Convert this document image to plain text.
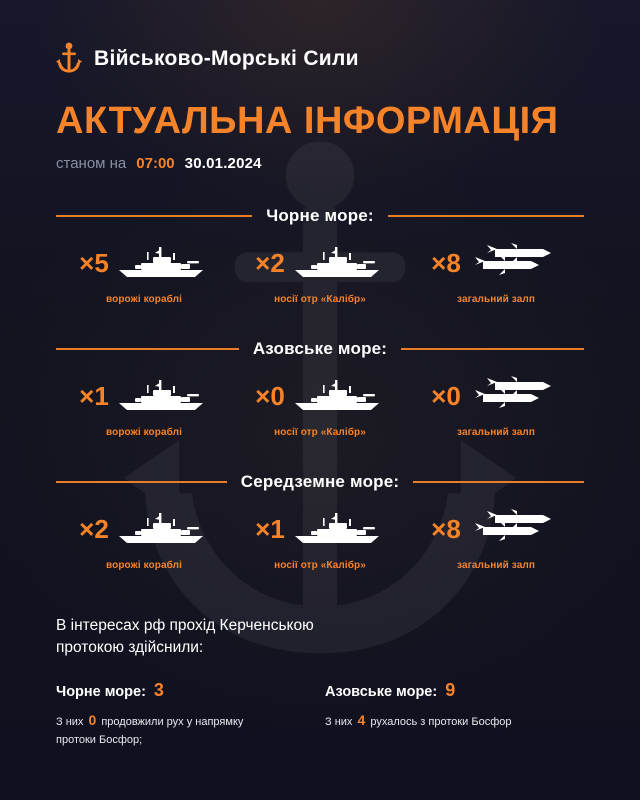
Військово-Морські Сили
АКТУАЛЬНА ІНФОРМАЦІЯ
станом на 07:00 30.01.2024
Чорне море:
×5
ворожі кораблі
×2
носії отр «Калібр»
×8
загальний залп
Азовське море:
×1
ворожі кораблі
×0
носії отр «Калібр»
×0
загальний залп
Середземне море:
×2
ворожі кораблі
×1
носії отр «Калібр»
×8
загальний залп
В інтересах рф прохід Керченською протокою здійснили:
Чорне море: 3
З них 0 продовжили рух у напрямку протоки Босфор;
Азовське море: 9
З них 4 рухалось з протоки Босфор
